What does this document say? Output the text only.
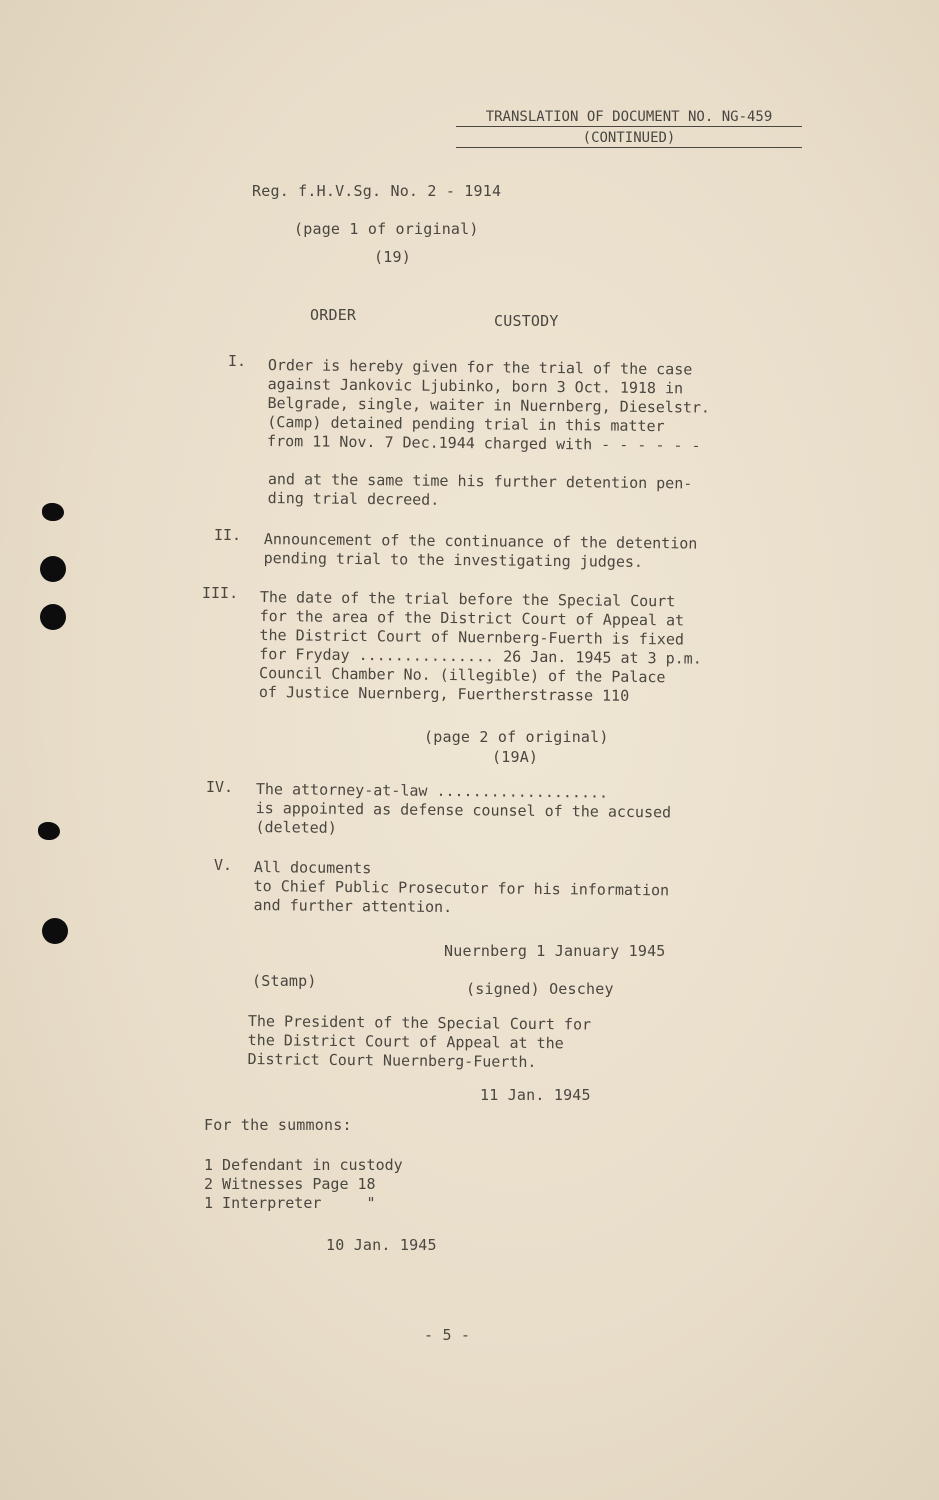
TRANSLATION OF DOCUMENT NO. NG-459
(CONTINUED)
Reg. f.H.V.Sg. No. 2 - 1914
(page 1 of original)
(19)
ORDER	CUSTODY
I. Order is hereby given for the trial of the case
against Jankovic Ljubinko, born 3 Oct. 1918 in
Belgrade, single, waiter in Nuernberg, Dieselstr.
(Camp) detained pending trial in this matter
from 11 Nov. 7 Dec.1944 charged with - - - - - -
and at the same time his further detention pen-
ding trial decreed.
II. Announcement of the continuance of the detention
pending trial to the investigating judges.
III. The date of the trial before the Special Court
for the area of the District Court of Appeal at
the District Court of Nuernberg-Fuerth is fixed
for Fryday ............... 26 Jan. 1945 at 3 p.m.
Council Chamber No. (illegible) of the Palace
of Justice Nuernberg, Fuertherstrasse 110
(page 2 of original)
(19A)
IV. The attorney-at-law ...................
is appointed as defense counsel of the accused
(deleted)
V. All documents
to Chief Public Prosecutor for his information
and further attention.
Nuernberg 1 January 1945
(Stamp)	(signed) Oeschey
The President of the Special Court for
the District Court of Appeal at the
District Court Nuernberg-Fuerth.
11 Jan. 1945
For the summons:
1 Defendant in custody
2 Witnesses Page 18
1 Interpreter     "
10 Jan. 1945
- 5 -
